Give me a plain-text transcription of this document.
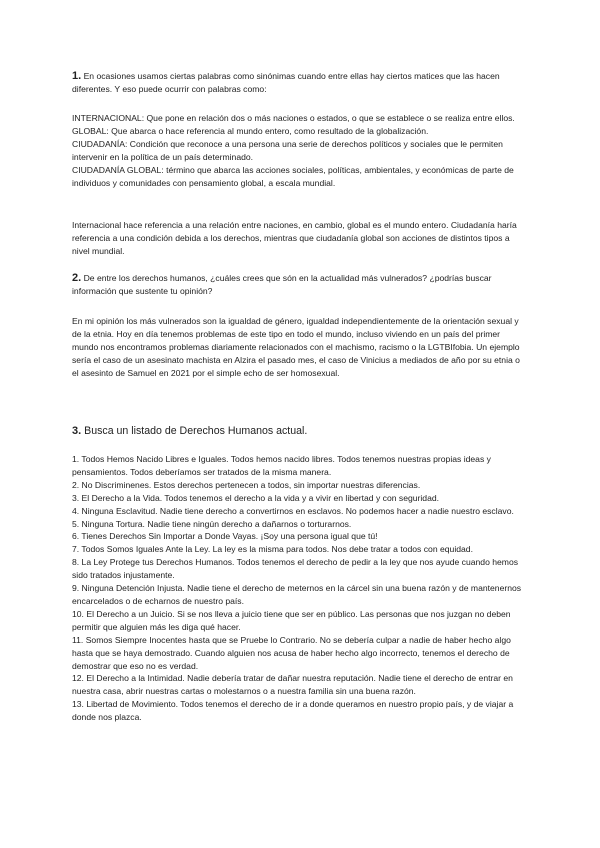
1. En ocasiones usamos ciertas palabras como sinónimas cuando entre ellas hay ciertos matices que las hacen diferentes. Y eso puede ocurrir con palabras como:

INTERNACIONAL: Que pone en relación dos o más naciones o estados, o que se establece o se realiza entre ellos.

GLOBAL: Que abarca o hace referencia al mundo entero, como resultado de la globalización.

CIUDADANÍA: Condición que reconoce a una persona una serie de derechos políticos y sociales que le permiten intervenir en la política de un país determinado.

CIUDADANÍA GLOBAL: término que abarca las acciones sociales, políticas, ambientales, y económicas de parte de individuos y comunidades con pensamiento global, a escala mundial.

Internacional hace referencia a una relación entre naciones, en cambio, global es el mundo entero. Ciudadanía haría referencia a una condición debida a los derechos, mientras que ciudadanía global son acciones de distintos tipos a nivel mundial.

2. De entre los derechos humanos, ¿cuáles crees que són en la actualidad más vulnerados? ¿podrías buscar información que sustente tu opinión?

En mi opinión los más vulnerados son la igualdad de género, igualdad independientemente de la orientación sexual y de la etnia. Hoy en día tenemos problemas de este tipo en todo el mundo, incluso viviendo en un país del primer mundo nos encontramos problemas diariamente relacionados con el machismo, racismo o la LGTBIfobia. Un ejemplo sería el caso de un asesinato machista en Alzira el pasado mes, el caso de Vinicius a mediados de año por su etnia o el asesinto de Samuel en 2021 por el simple echo de ser homosexual.

3. Busca un listado de Derechos Humanos actual.

1. Todos Hemos Nacido Libres e Iguales. Todos hemos nacido libres. Todos tenemos nuestras propias ideas y pensamientos. Todos deberíamos ser tratados de la misma manera.

2. No Discriminenes. Estos derechos pertenecen a todos, sin importar nuestras diferencias.

3. El Derecho a la Vida. Todos tenemos el derecho a la vida y a vivir en libertad y con seguridad.

4. Ninguna Esclavitud. Nadie tiene derecho a convertirnos en esclavos. No podemos hacer a nadie nuestro esclavo.

5. Ninguna Tortura. Nadie tiene ningún derecho a dañarnos o torturarnos.

6. Tienes Derechos Sin Importar a Donde Vayas. ¡Soy una persona igual que tú!

7. Todos Somos Iguales Ante la Ley. La ley es la misma para todos. Nos debe tratar a todos con equidad.

8. La Ley Protege tus Derechos Humanos. Todos tenemos el derecho de pedir a la ley que nos ayude cuando hemos sido tratados injustamente.

9. Ninguna Detención Injusta. Nadie tiene el derecho de meternos en la cárcel sin una buena razón y de mantenernos encarcelados o de echarnos de nuestro país.

10. El Derecho a un Juicio. Si se nos lleva a juicio tiene que ser en público. Las personas que nos juzgan no deben permitir que alguien más les diga qué hacer.

11. Somos Siempre Inocentes hasta que se Pruebe lo Contrario. No se debería culpar a nadie de haber hecho algo hasta que se haya demostrado. Cuando alguien nos acusa de haber hecho algo incorrecto, tenemos el derecho de demostrar que eso no es verdad.

12. El Derecho a la Intimidad. Nadie debería tratar de dañar nuestra reputación. Nadie tiene el derecho de entrar en nuestra casa, abrir nuestras cartas o molestarnos o a nuestra familia sin una buena razón.

13. Libertad de Movimiento. Todos tenemos el derecho de ir a donde queramos en nuestro propio país, y de viajar a donde nos plazca.
